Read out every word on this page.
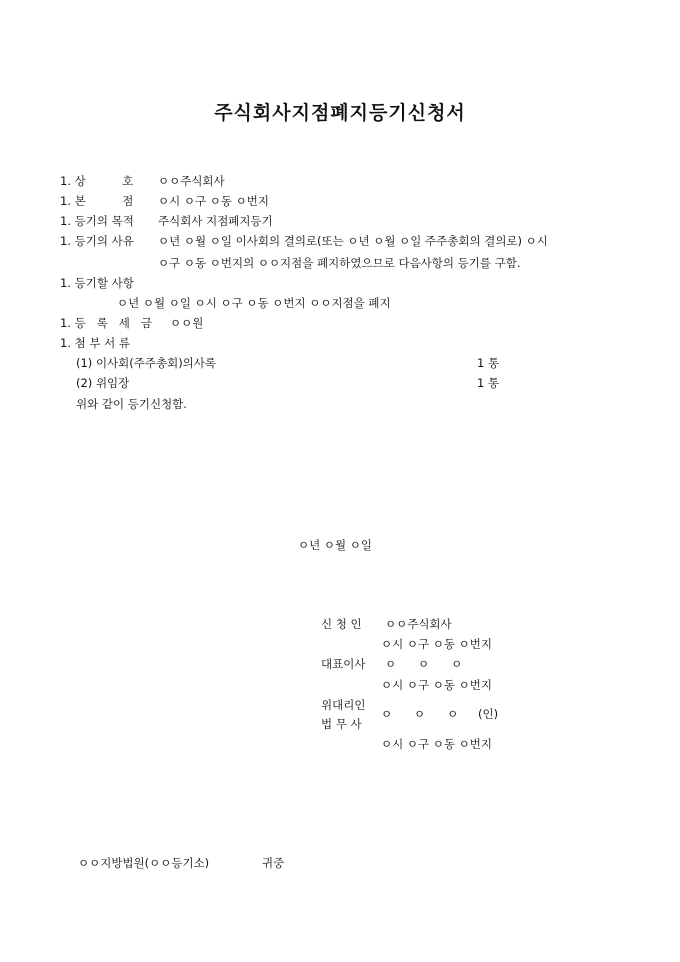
주식회사지점폐지등기신청서
1. 상          호 ㅇㅇ주식회사
1. 본          점 ㅇ시 ㅇ구 ㅇ동 ㅇ번지
1. 등기의 목적 주식회사 지점폐지등기
1. 등기의 사유 ㅇ년 ㅇ월 ㅇ일 이사회의 결의로(또는 ㅇ년 ㅇ월 ㅇ일 주주총회의 결의로) ㅇ시
ㅇ구 ㅇ동 ㅇ번지의 ㅇㅇ지점을 폐지하였으므로 다음사항의 등기를 구함.
1. 등기할 사항
ㅇ년 ㅇ월 ㅇ일 ㅇ시 ㅇ구 ㅇ동 ㅇ번지 ㅇㅇ지점을 폐지
1. 등   록   세   금 ㅇㅇ원
1. 첨 부 서 류
(1) 이사회(주주총회)의사록	1 통
(2) 위임장	1 통
위와 같이 등기신청함.
ㅇ년 ㅇ월 ㅇ일
신 청 인 ㅇㅇ주식회사
ㅇ시 ㅇ구 ㅇ동 ㅇ번지
대표이사 ㅇ      ㅇ      ㅇ
ㅇ시 ㅇ구 ㅇ동 ㅇ번지
위대리인
법 무 사
ㅇ      ㅇ      ㅇ (인)
ㅇ시 ㅇ구 ㅇ동 ㅇ번지
ㅇㅇ지방법원(ㅇㅇ등기소)	귀중
